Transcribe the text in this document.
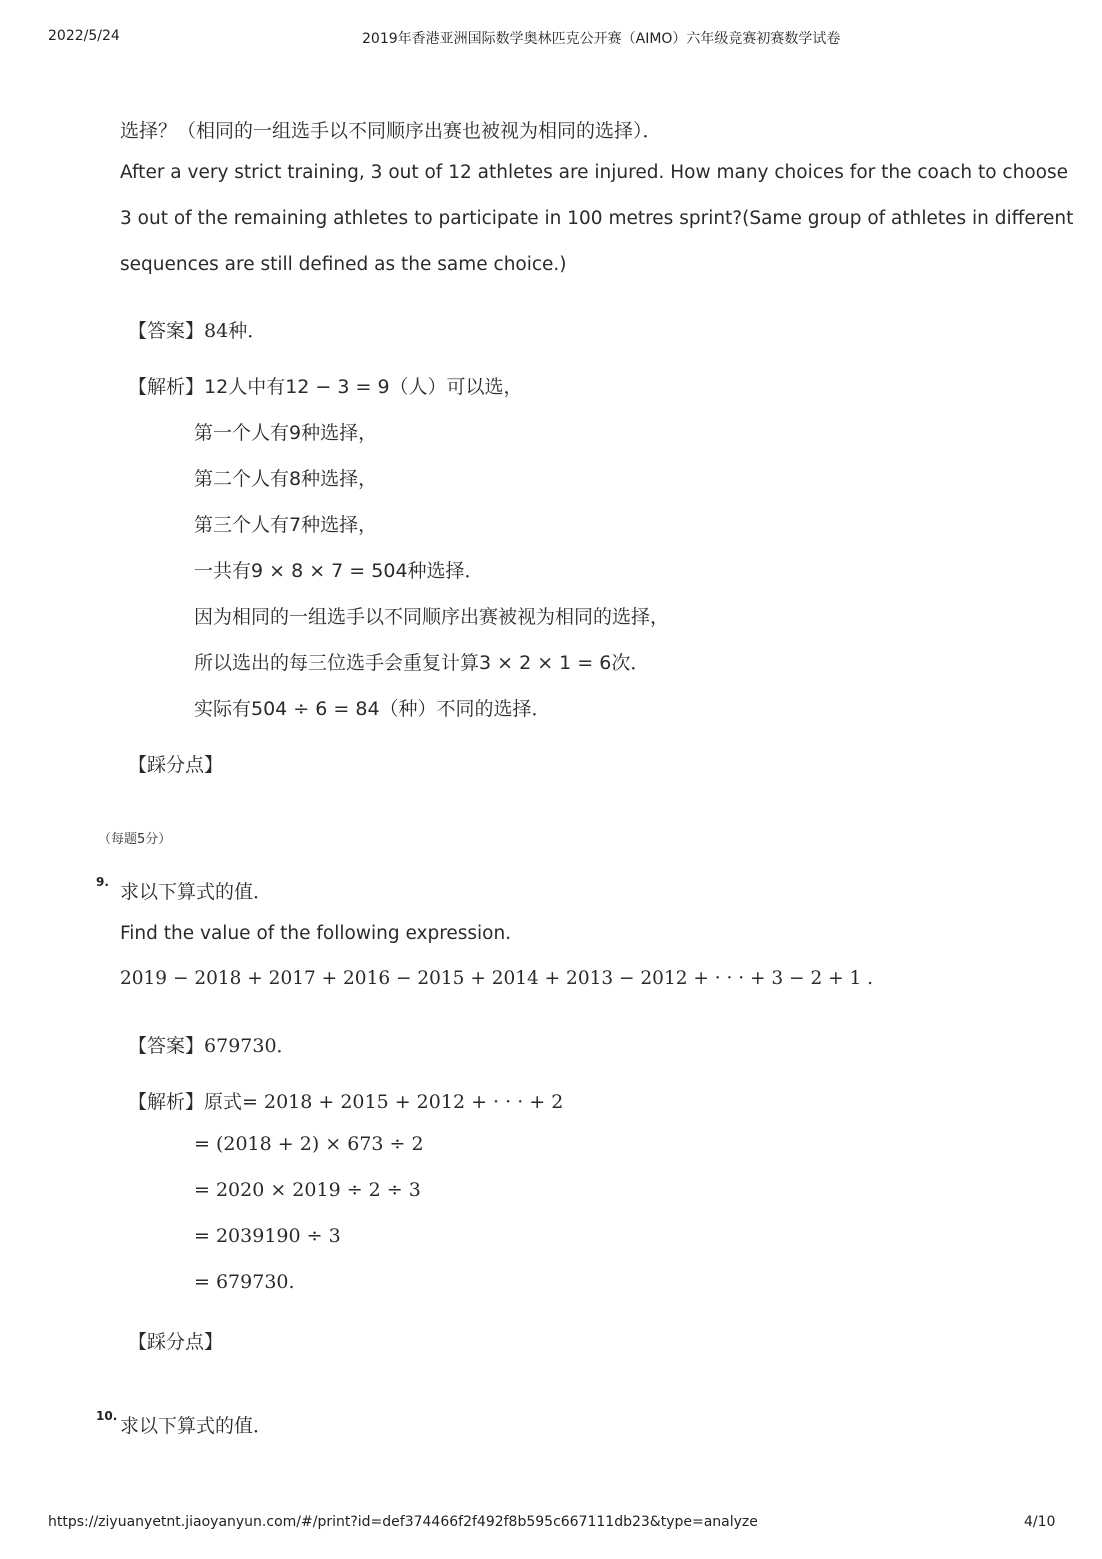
2022/5/24	2019年香港亚洲国际数学奥林匹克公开赛（AIMO）六年级竞赛初赛数学试卷
选择？（相同的一组选手以不同顺序出赛也被视为相同的选择）．
After a very strict training, 3 out of 12 athletes are injured. How many choices for the coach to choose
3 out of the remaining athletes to participate in 100 metres sprint?(Same group of athletes in different
sequences are still defined as the same choice.)
【答案】84种．
【解析】12人中有12 − 3 = 9（人）可以选，
第一个人有9种选择，
第二个人有8种选择，
第三个人有7种选择，
一共有9 × 8 × 7 = 504种选择．
因为相同的一组选手以不同顺序出赛被视为相同的选择，
所以选出的每三位选手会重复计算3 × 2 × 1 = 6次．
实际有504 ÷ 6 = 84（种）不同的选择．
【踩分点】
（每题5分）
9. 求以下算式的值．
Find the value of the following expression.
2019 − 2018 + 2017 + 2016 − 2015 + 2014 + 2013 − 2012 + · · · + 3 − 2 + 1 .
【答案】679730．
【解析】原式= 2018 + 2015 + 2012 + · · · + 2
= (2018 + 2) × 673 ÷ 2
= 2020 × 2019 ÷ 2 ÷ 3
= 2039190 ÷ 3
= 679730.
【踩分点】
10. 求以下算式的值．
https://ziyuanyetnt.jiaoyanyun.com/#/print?id=def374466f2f492f8b595c667111db23&type=analyze	4/10
